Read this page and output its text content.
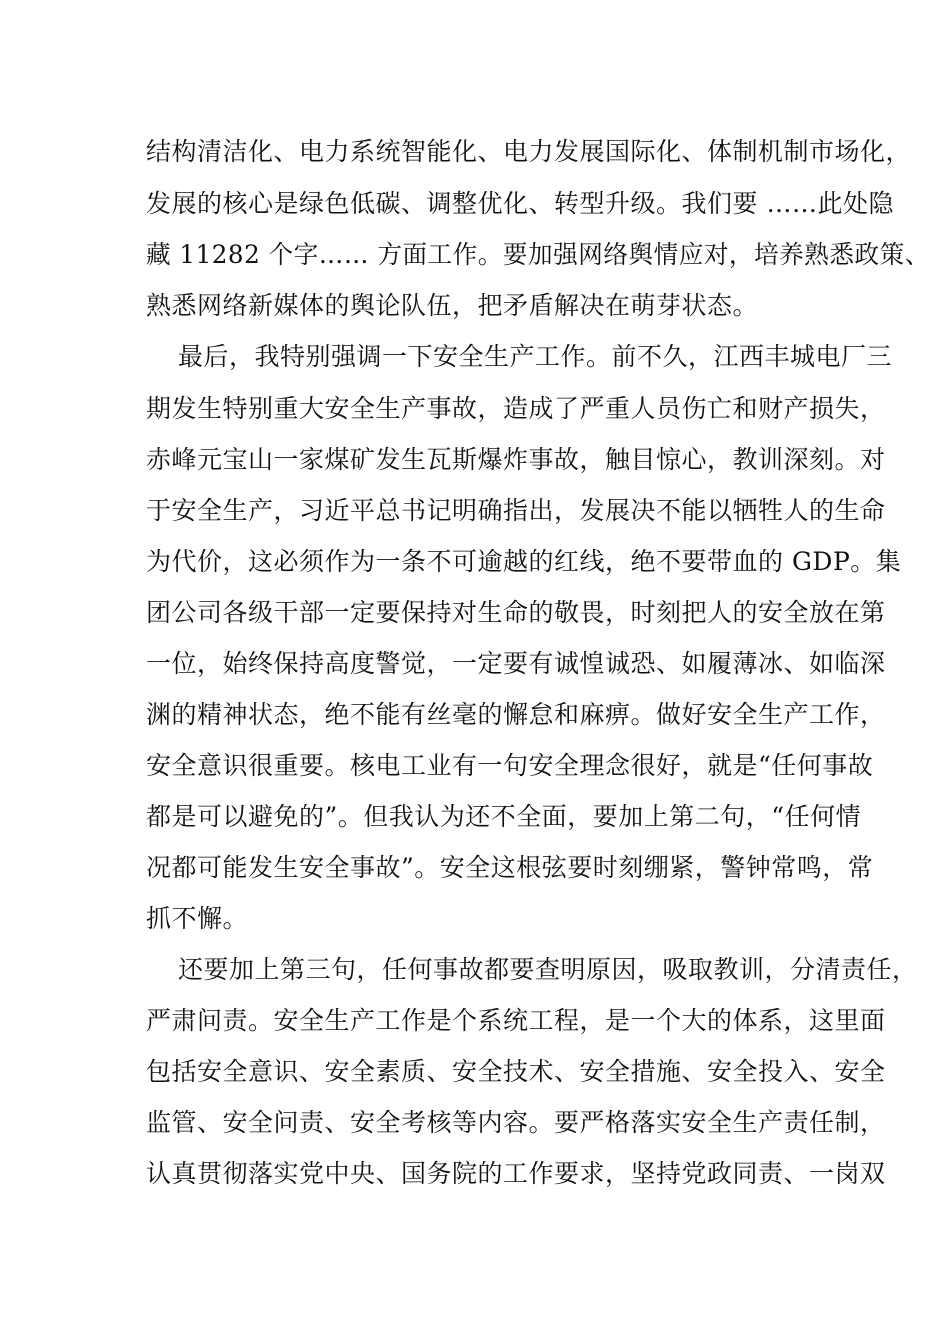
结构清洁化、电力系统智能化、电力发展国际化、体制机制市场化，
发展的核心是绿色低碳、调整优化、转型升级。我们要 ……此处隐
藏 11282 个字…… 方面工作。要加强网络舆情应对，培养熟悉政策、
熟悉网络新媒体的舆论队伍，把矛盾解决在萌芽状态。
最后，我特别强调一下安全生产工作。前不久，江西丰城电厂三
期发生特别重大安全生产事故，造成了严重人员伤亡和财产损失，
赤峰元宝山一家煤矿发生瓦斯爆炸事故，触目惊心，教训深刻。对
于安全生产，习近平总书记明确指出，发展决不能以牺牲人的生命
为代价，这必须作为一条不可逾越的红线，绝不要带血的 GDP。集
团公司各级干部一定要保持对生命的敬畏，时刻把人的安全放在第
一位，始终保持高度警觉，一定要有诚惶诚恐、如履薄冰、如临深
渊的精神状态，绝不能有丝毫的懈怠和麻痹。做好安全生产工作，
安全意识很重要。核电工业有一句安全理念很好，就是“任何事故
都是可以避免的”。但我认为还不全面，要加上第二句，“任何情
况都可能发生安全事故”。安全这根弦要时刻绷紧，警钟常鸣，常
抓不懈。
还要加上第三句，任何事故都要查明原因，吸取教训，分清责任，
严肃问责。安全生产工作是个系统工程，是一个大的体系，这里面
包括安全意识、安全素质、安全技术、安全措施、安全投入、安全
监管、安全问责、安全考核等内容。要严格落实安全生产责任制，
认真贯彻落实党中央、国务院的工作要求，坚持党政同责、一岗双
